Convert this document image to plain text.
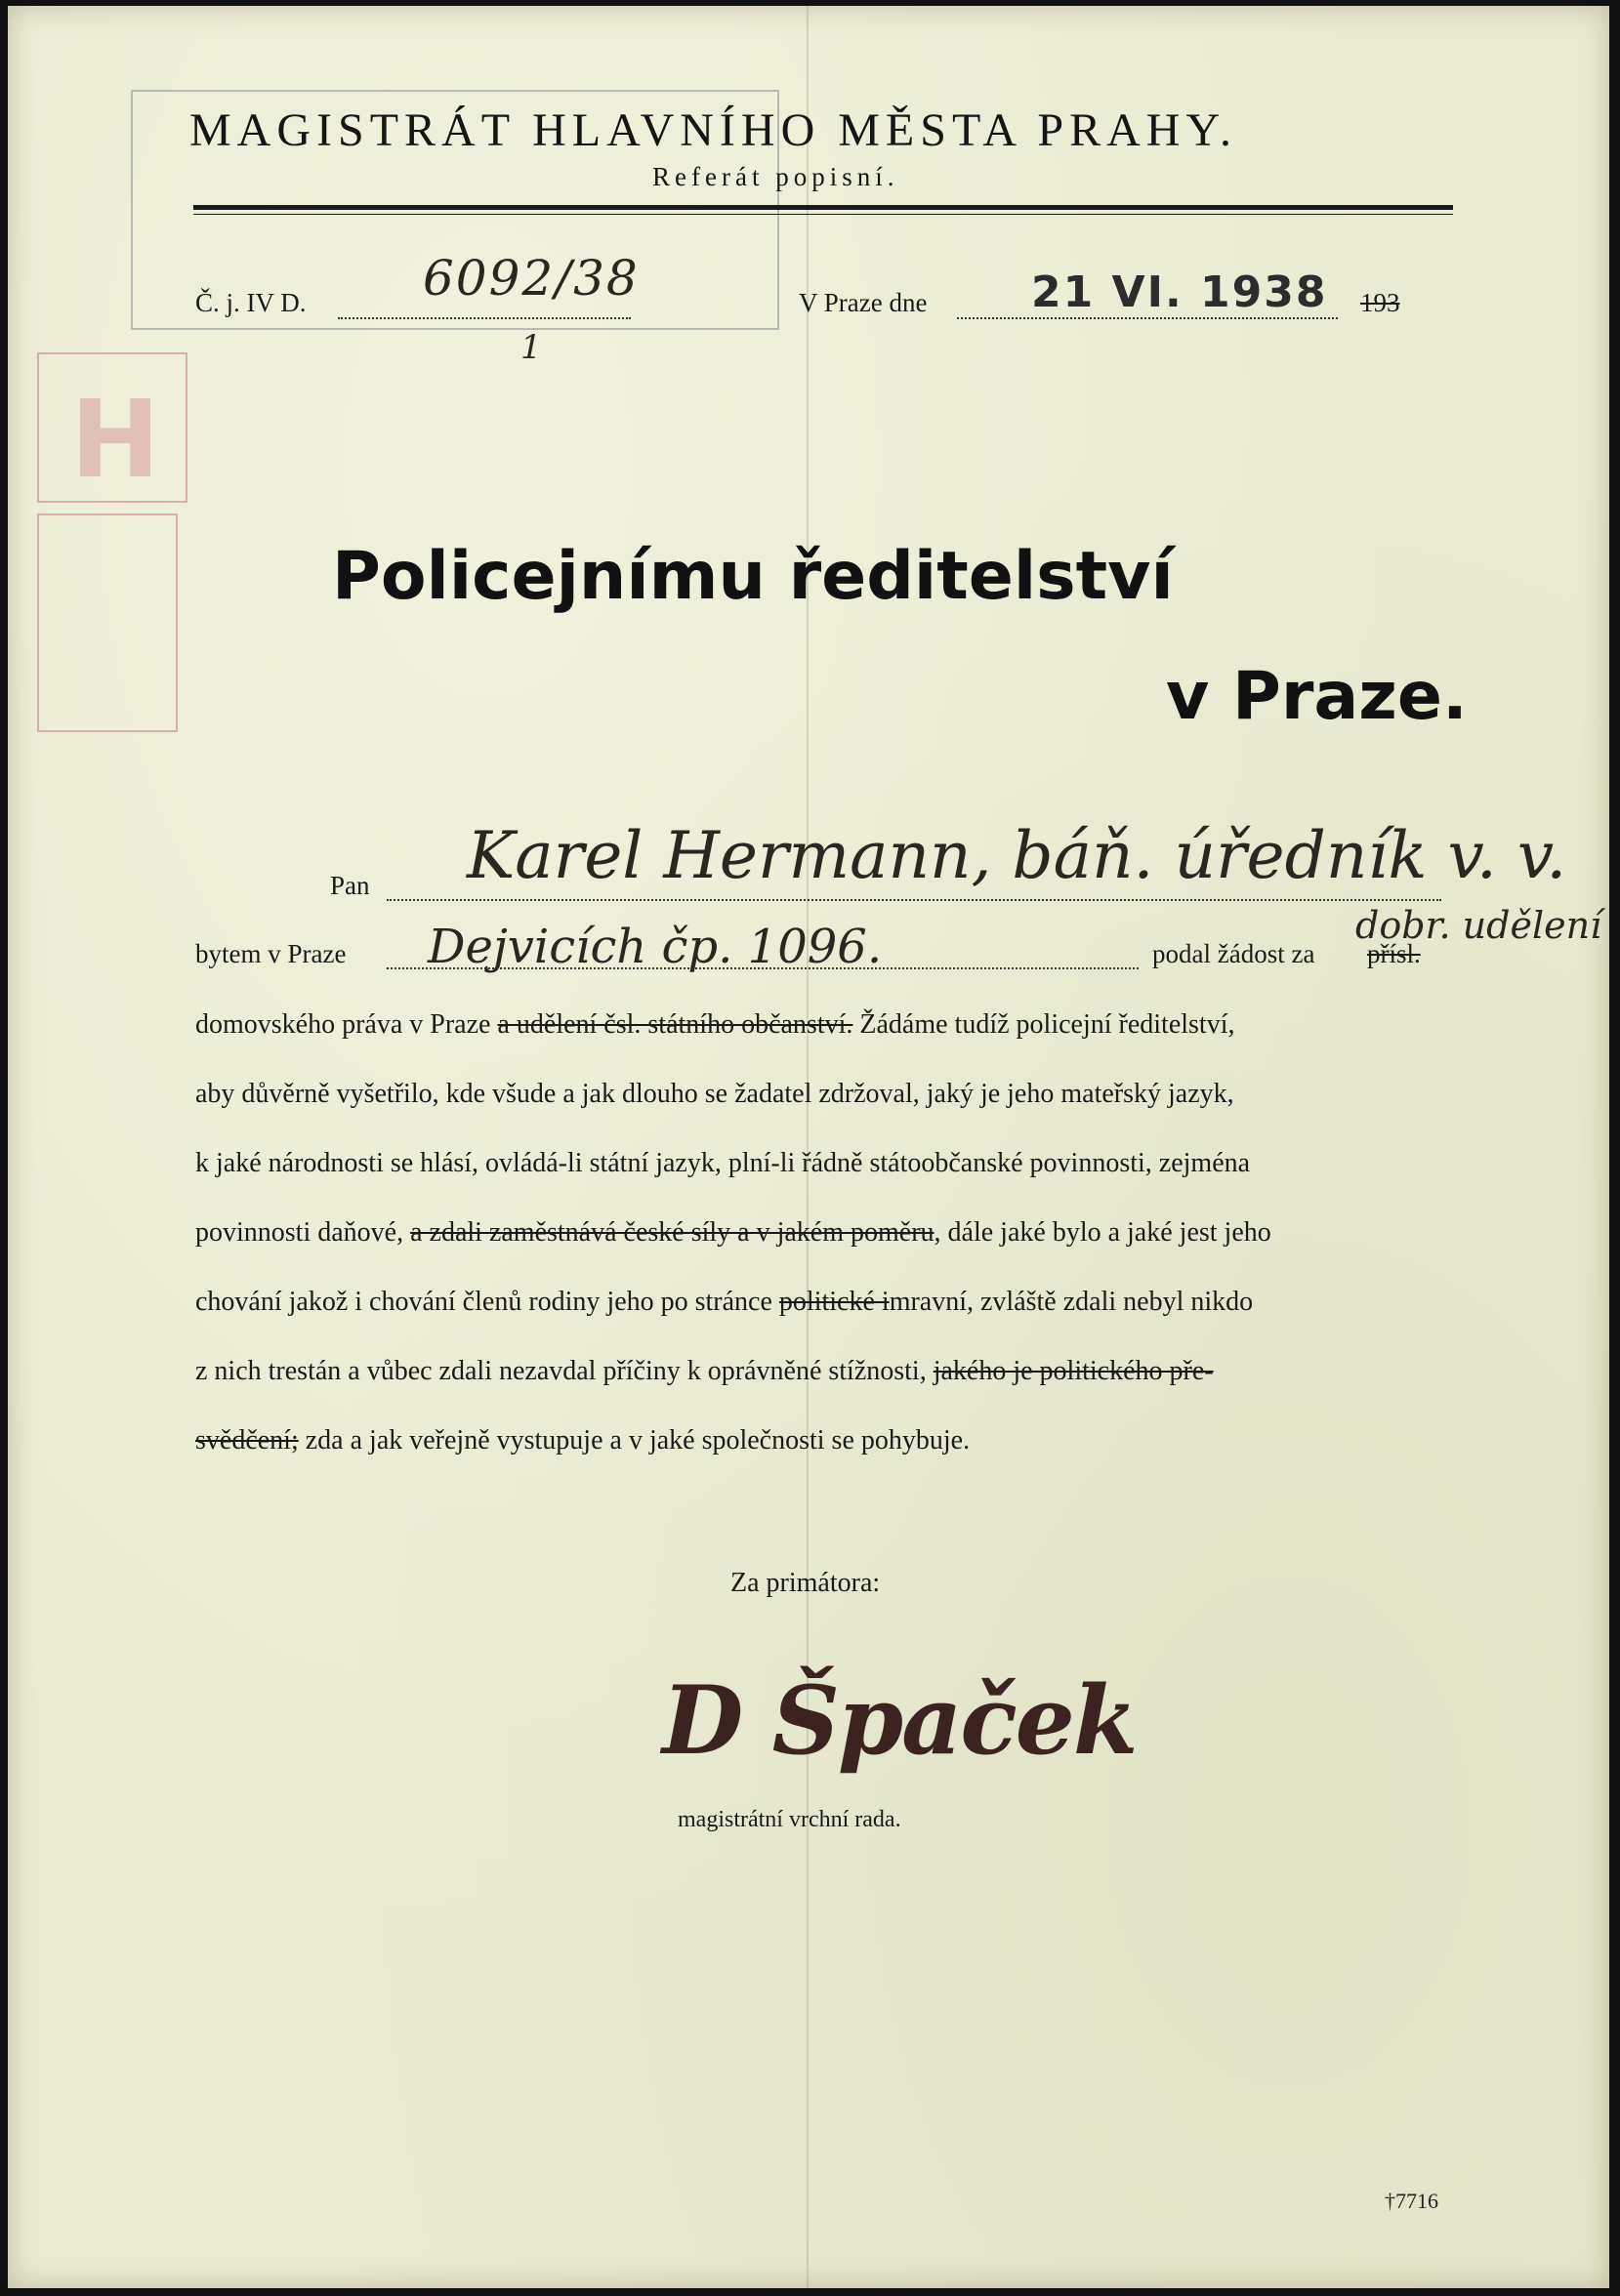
H
MAGISTRÁT HLAVNÍHO MĚSTA PRAHY.
Referát popisní.
Č. j. IV D. 6092/38
1
V Praze dne 21 VI. 1938 193
Policejnímu ředitelství
v Praze.
Pan Karel Hermann, báň. úředník v. v.
bytem v Praze Dejvicích čp. 1096.	podal žádost za přísl.
dobr. udělení
domovského práva v Praze a udělení čsl. státního občanství. Žádáme tudíž policejní ředitelství,
aby důvěrně vyšetřilo, kde všude a jak dlouho se žadatel zdržoval, jaký je jeho mateřský jazyk,
k jaké národnosti se hlásí, ovládá-li státní jazyk, plní-li řádně státoobčanské povinnosti, zejména
povinnosti daňové, a zdali zaměstnává české síly a v jakém poměru, dále jaké bylo a jaké jest jeho
chování jakož i chování členů rodiny jeho po stránce politické imravní, zvláště zdali nebyl nikdo
z nich trestán a vůbec zdali nezavdal příčiny k oprávněné stížnosti, jakého je politického pře-
svědčení; zda a jak veřejně vystupuje a v jaké společnosti se pohybuje.
Za primátora:
D Špaček
magistrátní vrchní rada.
†7716
